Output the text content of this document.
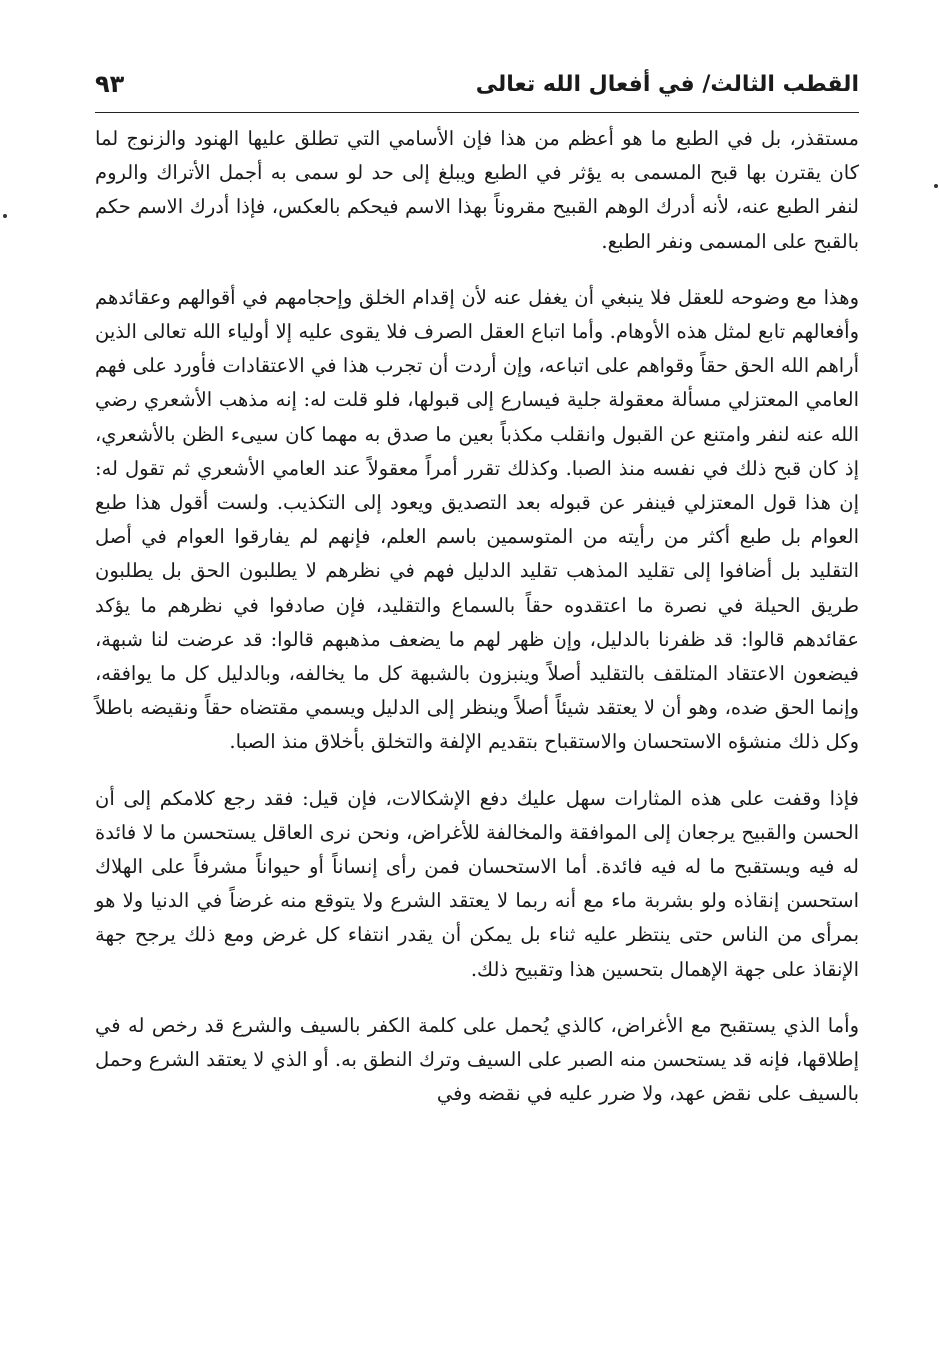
القطب الثالث/ في أفعال الله تعالى
٩٣

مستقذر، بل في الطبع ما هو أعظم من هذا فإن الأسامي التي تطلق عليها الهنود والزنوج لما كان يقترن بها قبح المسمى به يؤثر في الطبع ويبلغ إلى حد لو سمى به أجمل الأتراك والروم لنفر الطبع عنه، لأنه أدرك الوهم القبيح مقروناً بهذا الاسم فيحكم بالعكس، فإذا أدرك الاسم حكم بالقبح على المسمى ونفر الطبع.

وهذا مع وضوحه للعقل فلا ينبغي أن يغفل عنه لأن إقدام الخلق وإحجامهم في أقوالهم وعقائدهم وأفعالهم تابع لمثل هذه الأوهام. وأما اتباع العقل الصرف فلا يقوى عليه إلا أولياء الله تعالى الذين أراهم الله الحق حقاً وقواهم على اتباعه، وإن أردت أن تجرب هذا في الاعتقادات فأورد على فهم العامي المعتزلي مسألة معقولة جلية فيسارع إلى قبولها، فلو قلت له: إنه مذهب الأشعري رضي الله عنه لنفر وامتنع عن القبول وانقلب مكذباً بعين ما صدق به مهما كان سيىء الظن بالأشعري، إذ كان قبح ذلك في نفسه منذ الصبا. وكذلك تقرر أمراً معقولاً عند العامي الأشعري ثم تقول له: إن هذا قول المعتزلي فينفر عن قبوله بعد التصديق ويعود إلى التكذيب. ولست أقول هذا طبع العوام بل طبع أكثر من رأيته من المتوسمين باسم العلم، فإنهم لم يفارقوا العوام في أصل التقليد بل أضافوا إلى تقليد المذهب تقليد الدليل فهم في نظرهم لا يطلبون الحق بل يطلبون طريق الحيلة في نصرة ما اعتقدوه حقاً بالسماع والتقليد، فإن صادفوا في نظرهم ما يؤكد عقائدهم قالوا: قد ظفرنا بالدليل، وإن ظهر لهم ما يضعف مذهبهم قالوا: قد عرضت لنا شبهة، فيضعون الاعتقاد المتلقف بالتقليد أصلاً وينبزون بالشبهة كل ما يخالفه، وبالدليل كل ما يوافقه، وإنما الحق ضده، وهو أن لا يعتقد شيئاً أصلاً وينظر إلى الدليل ويسمي مقتضاه حقاً ونقيضه باطلاً وكل ذلك منشؤه الاستحسان والاستقباح بتقديم الإلفة والتخلق بأخلاق منذ الصبا.

فإذا وقفت على هذه المثارات سهل عليك دفع الإشكالات، فإن قيل: فقد رجع كلامكم إلى أن الحسن والقبيح يرجعان إلى الموافقة والمخالفة للأغراض، ونحن نرى العاقل يستحسن ما لا فائدة له فيه ويستقبح ما له فيه فائدة. أما الاستحسان فمن رأى إنساناً أو حيواناً مشرفاً على الهلاك استحسن إنقاذه ولو بشربة ماء مع أنه ربما لا يعتقد الشرع ولا يتوقع منه غرضاً في الدنيا ولا هو بمرأى من الناس حتى ينتظر عليه ثناء بل يمكن أن يقدر انتفاء كل غرض ومع ذلك يرجح جهة الإنقاذ على جهة الإهمال بتحسين هذا وتقبيح ذلك.

وأما الذي يستقبح مع الأغراض، كالذي يُحمل على كلمة الكفر بالسيف والشرع قد رخص له في إطلاقها، فإنه قد يستحسن منه الصبر على السيف وترك النطق به. أو الذي لا يعتقد الشرع وحمل بالسيف على نقض عهد، ولا ضرر عليه في نقضه وفي
